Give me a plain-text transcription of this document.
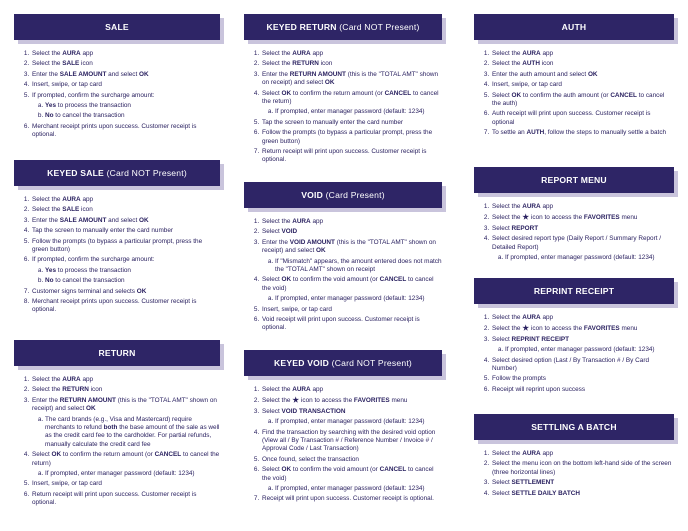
SALE
1. Select the AURA app
2. Select the SALE icon
3. Enter the SALE AMOUNT and select OK
4. Insert, swipe, or tap card
5. If prompted, confirm the surcharge amount:
a. Yes to process the transaction
b. No to cancel the transaction
6. Merchant receipt prints upon success. Customer receipt is optional.
KEYED SALE (Card NOT Present)
1. Select the AURA app
2. Select the SALE icon
3. Enter the SALE AMOUNT and select OK
4. Tap the screen to manually enter the card number
5. Follow the prompts (to bypass a particular prompt, press the green button)
6. If prompted, confirm the surcharge amount:
a. Yes to process the transaction
b. No to cancel the transaction
7. Customer signs terminal and selects OK
8. Merchant receipt prints upon success. Customer receipt is optional.
RETURN
1. Select the AURA app
2. Select the RETURN icon
3. Enter the RETURN AMOUNT (this is the "TOTAL AMT" shown on receipt) and select OK
a. The card brands (e.g., Visa and Mastercard) require merchants to refund both the base amount of the sale as well as the credit card fee to the cardholder. For partial refunds, manually calculate the credit card fee
4. Select OK to confirm the return amount (or CANCEL to cancel the return)
a. If prompted, enter manager password (default: 1234)
5. Insert, swipe, or tap card
6. Return receipt will print upon success. Customer receipt is optional.
KEYED RETURN (Card NOT Present)
1. Select the AURA app
2. Select the RETURN icon
3. Enter the RETURN AMOUNT (this is the "TOTAL AMT" shown on receipt) and select OK
4. Select OK to confirm the return amount (or CANCEL to cancel the return)
a. If prompted, enter manager password (default: 1234)
5. Tap the screen to manually enter the card number
6. Follow the prompts (to bypass a particular prompt, press the green button)
7. Return receipt will print upon success. Customer receipt is optional.
VOID (Card Present)
1. Select the AURA app
2. Select VOID
3. Enter the VOID AMOUNT (this is the "TOTAL AMT" shown on receipt) and select OK
a. If "Mismatch" appears, the amount entered does not match the "TOTAL AMT" shown on receipt
4. Select OK to confirm the void amount (or CANCEL to cancel the void)
a. If prompted, enter manager password (default: 1234)
5. Insert, swipe, or tap card
6. Void receipt will print upon success. Customer receipt is optional.
KEYED VOID (Card NOT Present)
1. Select the AURA app
2. Select the  icon to access the FAVORITES menu
3. Select VOID TRANSACTION
a. If prompted, enter manager password (default: 1234)
4. Find the transaction by searching with the desired void option (View all / By Transaction # / Reference Number / Invoice # / Approval Code / Last Transaction)
5. Once found, select the transaction
6. Select OK to confirm the void amount (or CANCEL to cancel the void)
a. If prompted, enter manager password (default: 1234)
7. Receipt will print upon success. Customer receipt is optional.
AUTH
1. Select the AURA app
2. Select the AUTH icon
3. Enter the auth amount and select OK
4. Insert, swipe, or tap card
5. Select OK to confirm the auth amount (or CANCEL to cancel the auth)
6. Auth receipt will print upon success. Customer receipt is optional
7. To settle an AUTH, follow the steps to manually settle a batch
REPORT MENU
1. Select the AURA app
2. Select the  icon to access the FAVORITES menu
3. Select REPORT
4. Select desired report type (Daily Report / Summary Report / Detailed Report)
a. If prompted, enter manager password (default: 1234)
REPRINT RECEIPT
1. Select the AURA app
2. Select the  icon to access the FAVORITES menu
3. Select REPRINT RECEIPT
a. If prompted, enter manager password (default: 1234)
4. Select desired option (Last / By Transaction # / By Card Number)
5. Follow the prompts
6. Receipt will reprint upon success
SETTLING A BATCH
1. Select the AURA app
2. Select the menu icon on the bottom left-hand side of the screen (three horizontal lines)
3. Select SETTLEMENT
4. Select SETTLE DAILY BATCH
